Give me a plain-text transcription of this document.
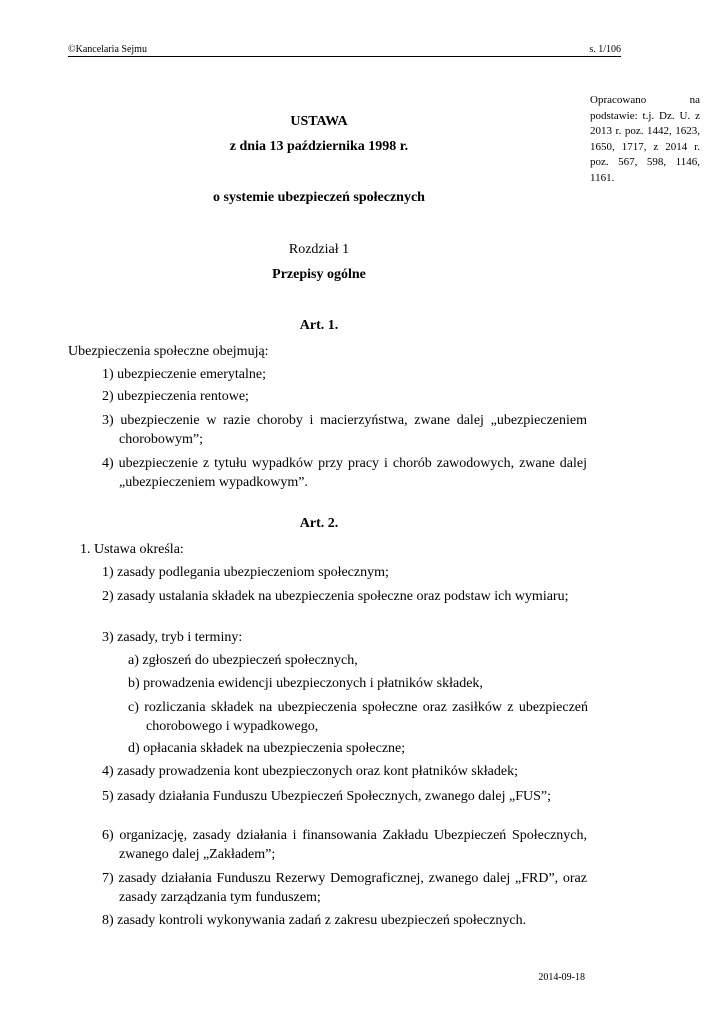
©Kancelaria Sejmu	s. 1/106
Opracowano na podstawie: t.j. Dz. U. z 2013 r. poz. 1442, 1623, 1650, 1717, z 2014 r. poz. 567, 598, 1146, 1161.
USTAWA
z dnia 13 października 1998 r.
o systemie ubezpieczeń społecznych
Rozdział 1
Przepisy ogólne
Art. 1.
Ubezpieczenia społeczne obejmują:
1) ubezpieczenie emerytalne;
2) ubezpieczenia rentowe;
3) ubezpieczenie w razie choroby i macierzyństwa, zwane dalej „ubezpieczeniem chorobowym”;
4) ubezpieczenie z tytułu wypadków przy pracy i chorób zawodowych, zwane dalej „ubezpieczeniem wypadkowym”.
Art. 2.
1. Ustawa określa:
1) zasady podlegania ubezpieczeniom społecznym;
2) zasady ustalania składek na ubezpieczenia społeczne oraz podstaw ich wymiaru;
3) zasady, tryb i terminy:
a) zgłoszeń do ubezpieczeń społecznych,
b) prowadzenia ewidencji ubezpieczonych i płatników składek,
c) rozliczania składek na ubezpieczenia społeczne oraz zasiłków z ubezpieczeń chorobowego i wypadkowego,
d) opłacania składek na ubezpieczenia społeczne;
4) zasady prowadzenia kont ubezpieczonych oraz kont płatników składek;
5) zasady działania Funduszu Ubezpieczeń Społecznych, zwanego dalej „FUS”;
6) organizację, zasady działania i finansowania Zakładu Ubezpieczeń Społecznych, zwanego dalej „Zakładem”;
7) zasady działania Funduszu Rezerwy Demograficznej, zwanego dalej „FRD”, oraz zasady zarządzania tym funduszem;
8) zasady kontroli wykonywania zadań z zakresu ubezpieczeń społecznych.
2014-09-18
